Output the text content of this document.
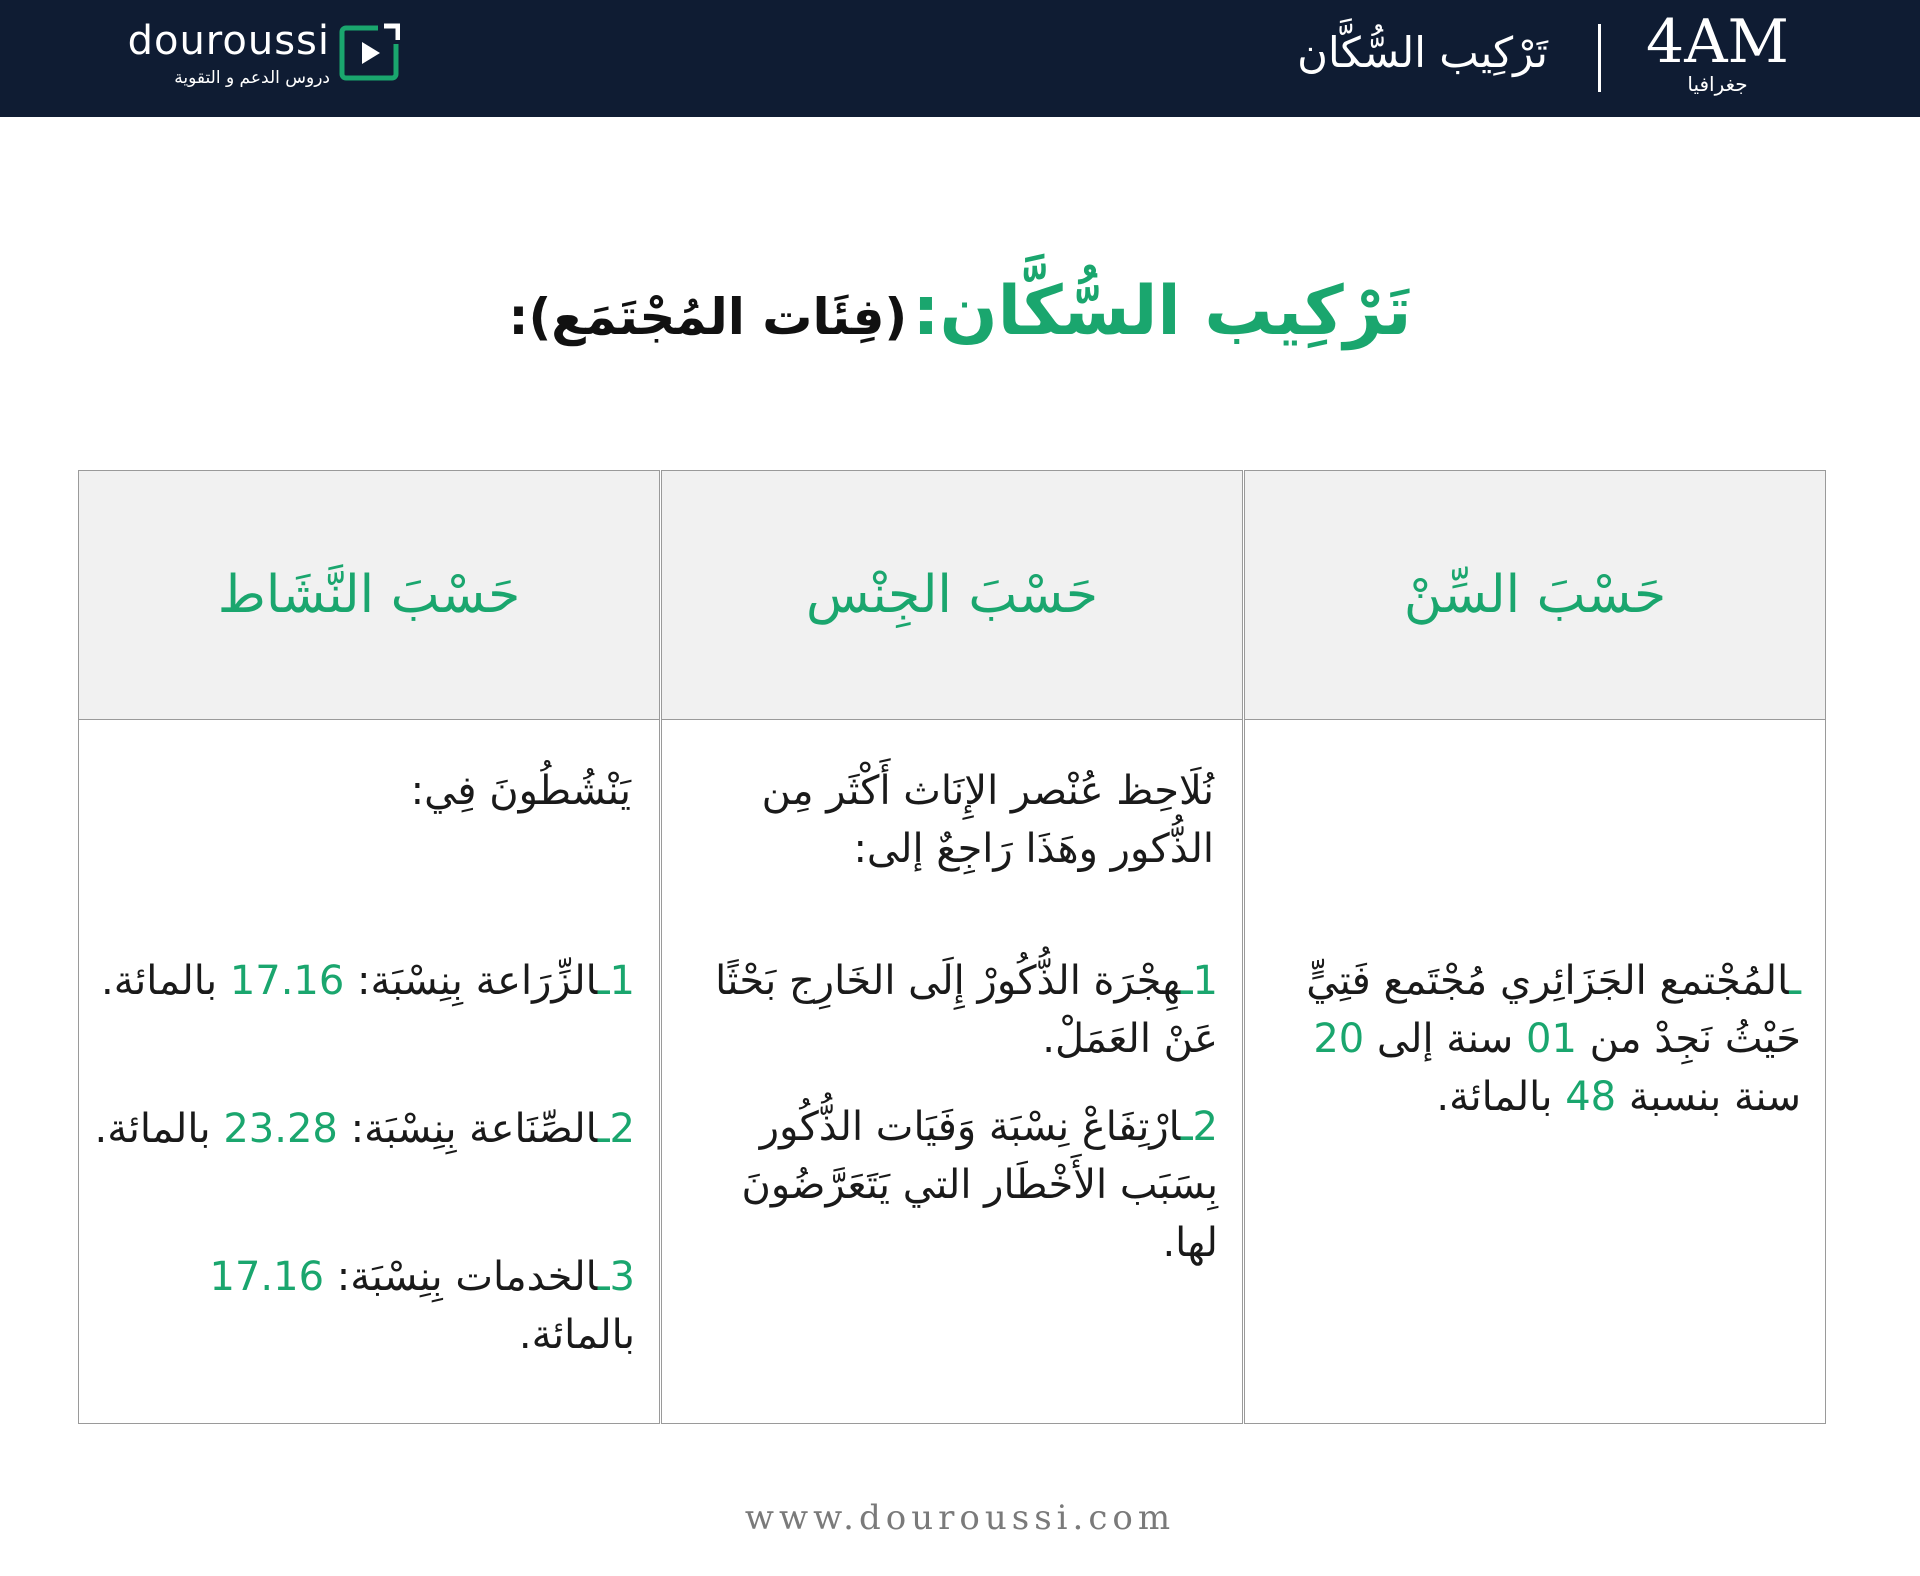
douroussi
دروس الدعم و التقوية
تَرْكِيب السُّكَّان 4AM
جغرافيا
تَرْكِيب السُّكَّان: (فِئَات المُجْتَمَع):
حَسْبَ السِّنْ
ـالمُجْتمع الجَزَائِري مُجْتَمع فَتِيٍّ حَيْثُ نَجِدْ من 01 سنة إلى 20 سنة بنسبة 48 بالمائة.
حَسْبَ الجِنْس
نُلَاحِظ عُنْصر الإِنَاث أَكْثَر مِن الذُّكور وهَذَا رَاجِعٌ إلى:
1ـهِجْرَة الذُّكُورْ إِلَى الخَارِج بَحْثًا عَنْ العَمَلْ.
2ـارْتِفَاعْ نِسْبَة وَفَيَات الذُّكُور بِسَبَب الأَخْطَار التي يَتَعَرَّضُونَ لها.
حَسْبَ النَّشَاط
يَنْشُطُونَ فِي:
1ـالزِّرَاعة بِنِسْبَة: 17.16 بالمائة.
2ـالصِّنَاعة بِنِسْبَة: 23.28 بالمائة.
3ـالخدمات بِنِسْبَة: 17.16 بالمائة.
www.douroussi.com
